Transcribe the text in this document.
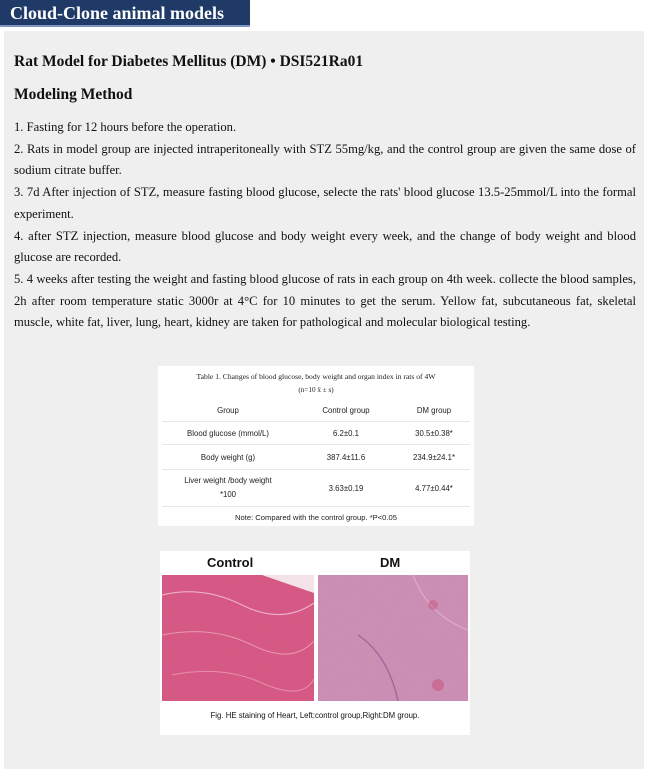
Cloud-Clone animal models
Rat Model for Diabetes Mellitus (DM) • DSI521Ra01
Modeling Method
1. Fasting for 12 hours before the operation.
2. Rats in model group are injected intraperitoneally with STZ 55mg/kg, and the control group are given the same dose of sodium citrate buffer.
3. 7d After injection of STZ, measure fasting blood glucose, selecte the rats' blood glucose 13.5-25mmol/L into the formal experiment.
4. after STZ injection, measure blood glucose and body weight every week, and the change of body weight and blood glucose are recorded.
5. 4 weeks after testing the weight and fasting blood glucose of rats in each group on 4th week. collecte the blood samples, 2h after room temperature static 3000r at 4°C for 10 minutes to get the serum. Yellow fat, subcutaneous fat, skeletal muscle, white fat, liver, lung, heart, kidney are taken for pathological and molecular biological testing.
Table 1. Changes of blood glucose, body weight and organ index in rats of 4W
(n=10 x̄ ± s)
Group	Control group	DM group
Blood glucose (mmol/L)	6.2±0.1	30.5±0.38*
Body weight (g)	387.4±11.6	234.9±24.1*
Liver weight /body weight *100	3.63±0.19	4.77±0.44*
Note: Compared with the control group. *P<0.05
Control	DM
Fig. HE staining of Heart, Left:control group,Right:DM group.
